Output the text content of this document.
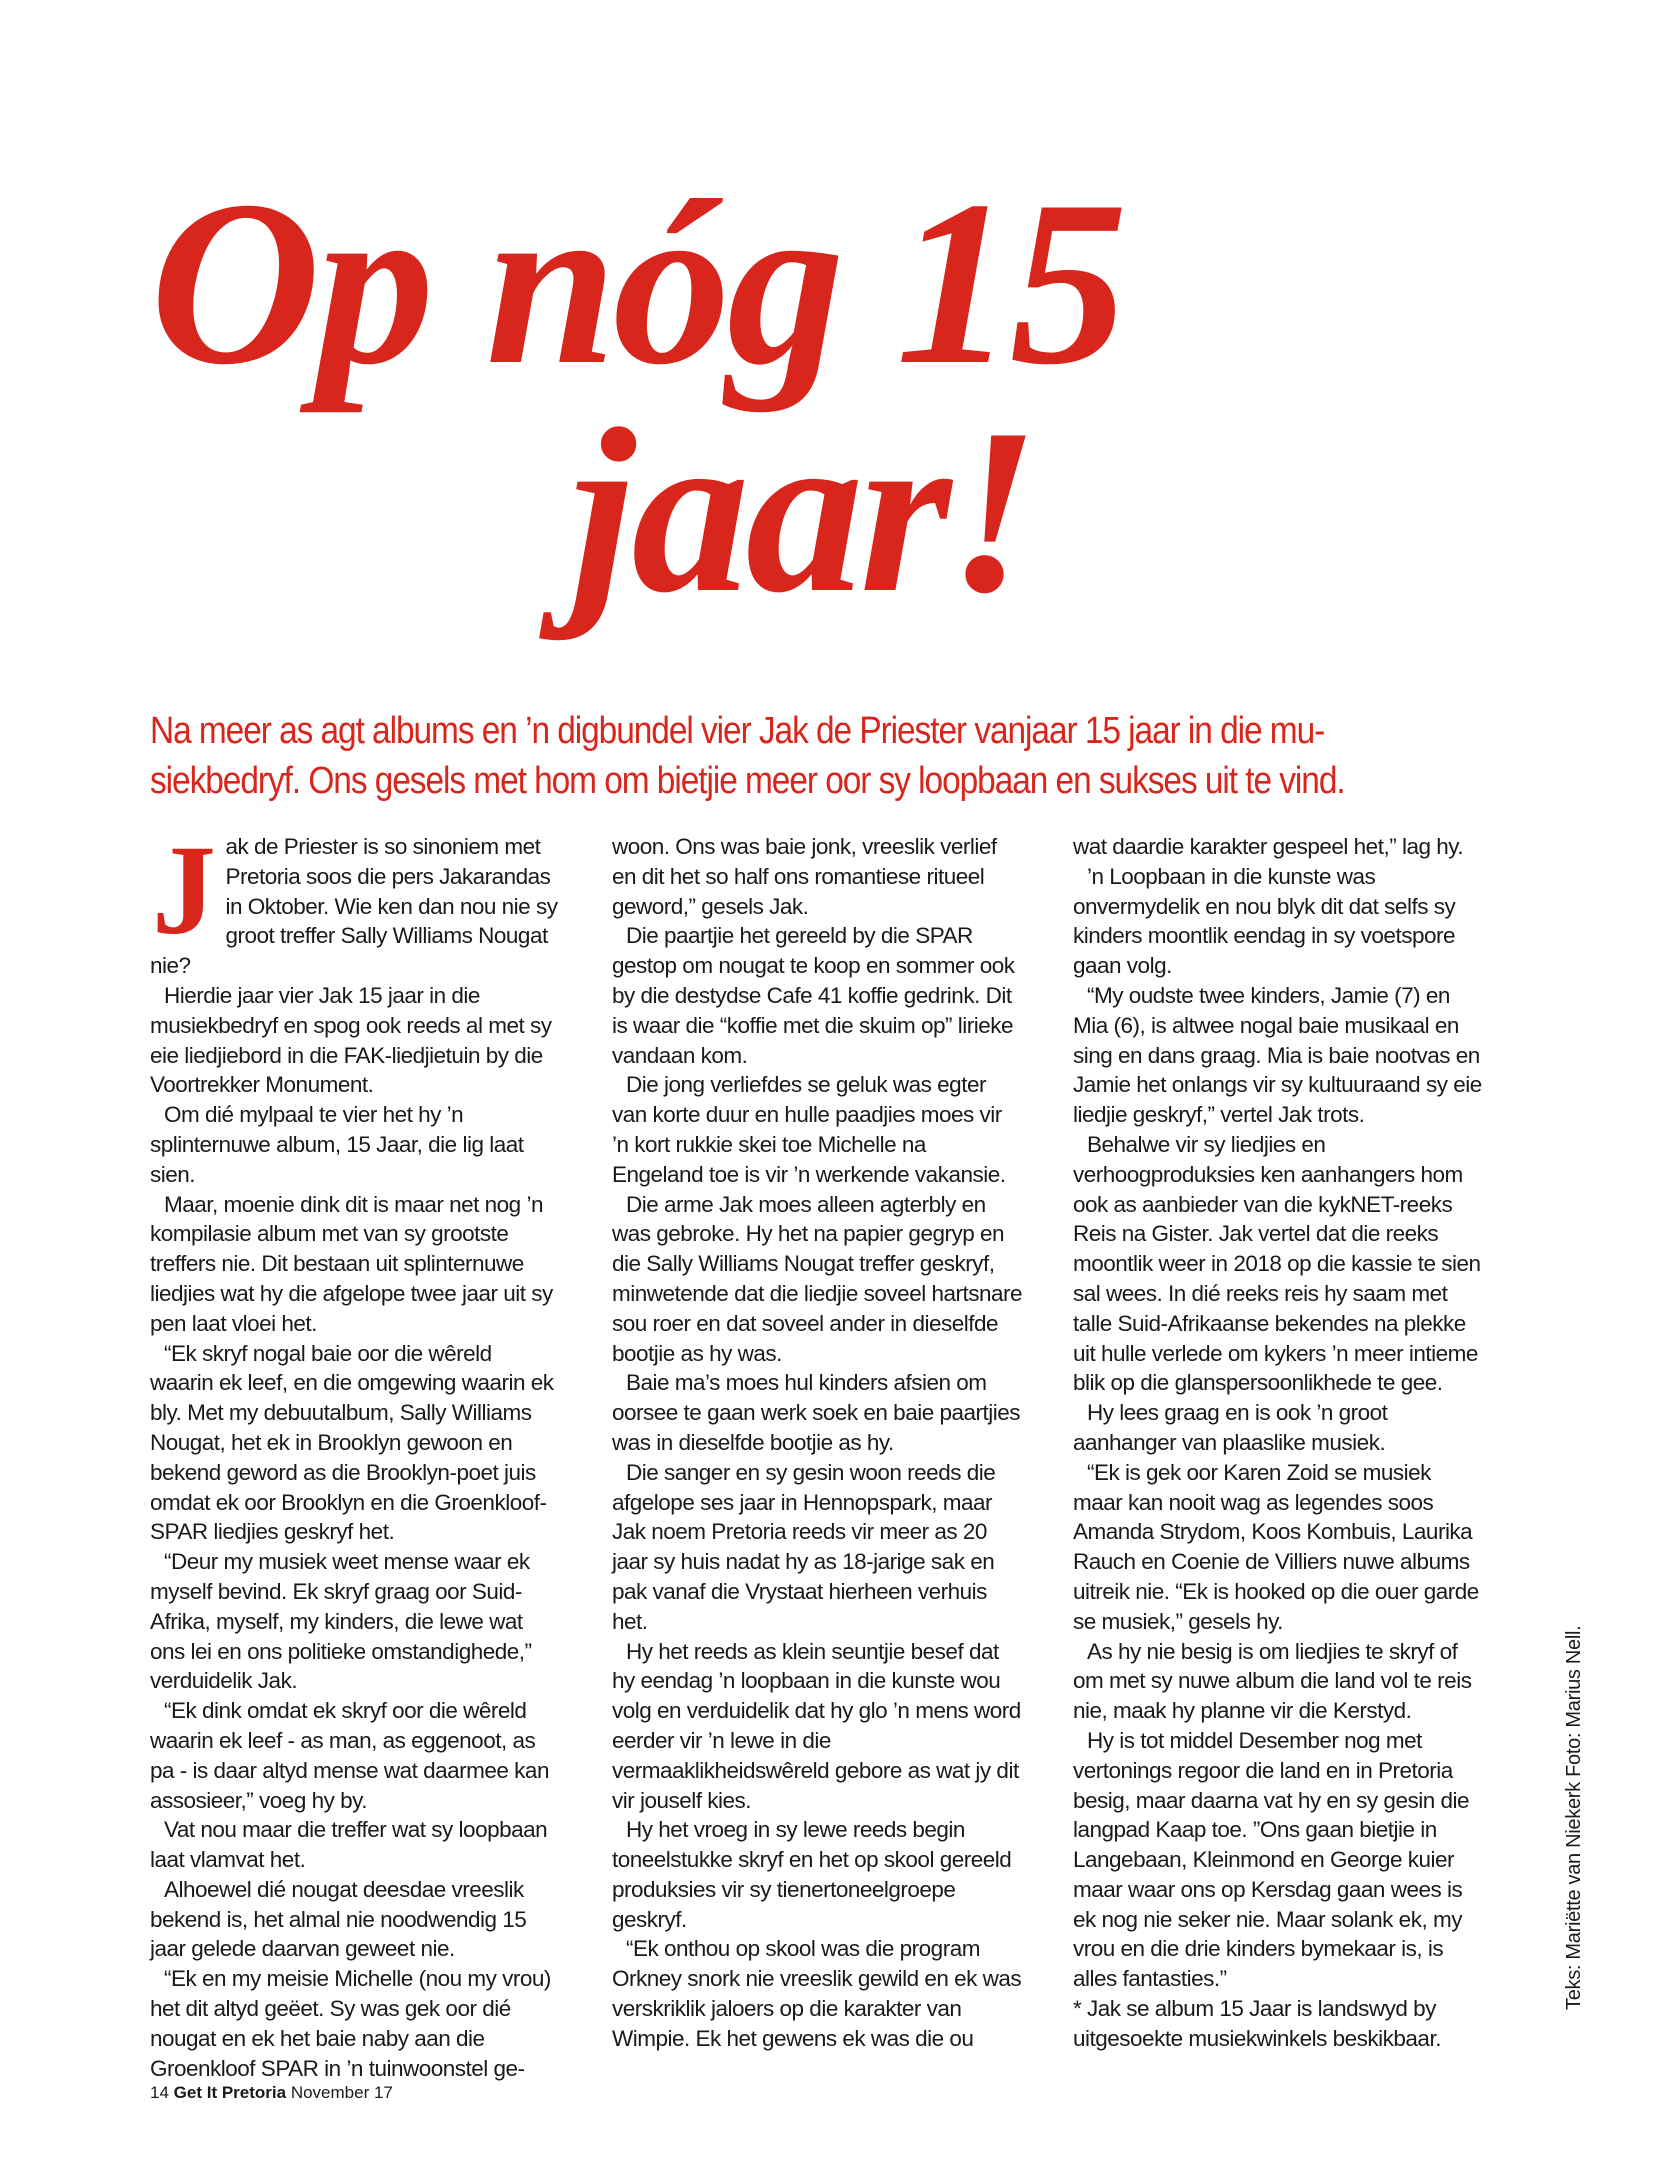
Op nóg 15
jaar!
Na meer as agt albums en ’n digbundel vier Jak de Priester vanjaar 15 jaar in die mu-
siekbedryf. Ons gesels met hom om bietjie meer oor sy loopbaan en sukses uit te vind.
J ak de Priester is so sinoniem met Pretoria soos die pers Jakarandas in Oktober. Wie ken dan nou nie sy groot treffer Sally Williams Nougat nie?

Hierdie jaar vier Jak 15 jaar in die musiekbedryf en spog ook reeds al met sy eie liedjiebord in die FAK-liedjietuin by die Voortrekker Monument.

Om dié mylpaal te vier het hy ’n splinternuwe album, 15 Jaar, die lig laat sien.

Maar, moenie dink dit is maar net nog ’n kompilasie album met van sy grootste treffers nie. Dit bestaan uit splinternuwe liedjies wat hy die afgelope twee jaar uit sy pen laat vloei het.

“Ek skryf nogal baie oor die wêreld waarin ek leef, en die omgewing waarin ek bly. Met my debuutalbum, Sally Williams Nougat, het ek in Brooklyn gewoon en bekend geword as die Brooklyn-poet juis omdat ek oor Brooklyn en die Groenkloof-SPAR liedjies geskryf het.

“Deur my musiek weet mense waar ek myself bevind. Ek skryf graag oor Suid-Afrika, myself, my kinders, die lewe wat ons lei en ons politieke omstandighede,” verduidelik Jak.

“Ek dink omdat ek skryf oor die wêreld waarin ek leef - as man, as eggenoot, as pa - is daar altyd mense wat daarmee kan assosieer,” voeg hy by.

Vat nou maar die treffer wat sy loopbaan laat vlamvat het.

Alhoewel dié nougat deesdae vreeslik bekend is, het almal nie noodwendig 15 jaar gelede daarvan geweet nie.

“Ek en my meisie Michelle (nou my vrou) het dit altyd geëet. Sy was gek oor dié nougat en ek het baie naby aan die Groenkloof SPAR in ’n tuinwoonstel ge-

woon. Ons was baie jonk, vreeslik verlief en dit het so half ons romantiese ritueel geword,” gesels Jak.

Die paartjie het gereeld by die SPAR gestop om nougat te koop en sommer ook by die destydse Cafe 41 koffie gedrink. Dit is waar die “koffie met die skuim op” lirieke vandaan kom.

Die jong verliefdes se geluk was egter van korte duur en hulle paadjies moes vir ’n kort rukkie skei toe Michelle na Engeland toe is vir ’n werkende vakansie.

Die arme Jak moes alleen agterbly en was gebroke. Hy het na papier gegryp en die Sally Williams Nougat treffer geskryf, minwetende dat die liedjie soveel hartsnare sou roer en dat soveel ander in dieselfde bootjie as hy was.

Baie ma’s moes hul kinders afsien om oorsee te gaan werk soek en baie paartjies was in dieselfde bootjie as hy.

Die sanger en sy gesin woon reeds die afgelope ses jaar in Hennopspark, maar Jak noem Pretoria reeds vir meer as 20 jaar sy huis nadat hy as 18-jarige sak en pak vanaf die Vrystaat hierheen verhuis het.

Hy het reeds as klein seuntjie besef dat hy eendag ’n loopbaan in die kunste wou volg en verduidelik dat hy glo ’n mens word eerder vir ’n lewe in die vermaaklikheidswêreld gebore as wat jy dit vir jouself kies.

Hy het vroeg in sy lewe reeds begin toneelstukke skryf en het op skool gereeld produksies vir sy tienertoneelgroepe geskryf.

“Ek onthou op skool was die program Orkney snork nie vreeslik gewild en ek was verskriklik jaloers op die karakter van Wimpie. Ek het gewens ek was die ou

wat daardie karakter gespeel het,” lag hy.

’n Loopbaan in die kunste was onvermydelik en nou blyk dit dat selfs sy kinders moontlik eendag in sy voetspore gaan volg.

“My oudste twee kinders, Jamie (7) en Mia (6), is altwee nogal baie musikaal en sing en dans graag. Mia is baie nootvas en Jamie het onlangs vir sy kultuuraand sy eie liedjie geskryf,” vertel Jak trots.

Behalwe vir sy liedjies en verhoogproduksies ken aanhangers hom ook as aanbieder van die kykNET-reeks Reis na Gister. Jak vertel dat die reeks moontlik weer in 2018 op die kassie te sien sal wees. In dié reeks reis hy saam met talle Suid-Afrikaanse bekendes na plekke uit hulle verlede om kykers ’n meer intieme blik op die glanspersoonlikhede te gee.

Hy lees graag en is ook ’n groot aanhanger van plaaslike musiek.

“Ek is gek oor Karen Zoid se musiek maar kan nooit wag as legendes soos Amanda Strydom, Koos Kombuis, Laurika Rauch en Coenie de Villiers nuwe albums uitreik nie. “Ek is hooked op die ouer garde se musiek,” gesels hy.

As hy nie besig is om liedjies te skryf of om met sy nuwe album die land vol te reis nie, maak hy planne vir die Kerstyd.

Hy is tot middel Desember nog met vertonings regoor die land en in Pretoria besig, maar daarna vat hy en sy gesin die langpad Kaap toe. ”Ons gaan bietjie in Langebaan, Kleinmond en George kuier maar waar ons op Kersdag gaan wees is ek nog nie seker nie. Maar solank ek, my vrou en die drie kinders bymekaar is, is alles fantasties.”

* Jak se album 15 Jaar is landswyd by uitgesoekte musiekwinkels beskikbaar.

Teks: Mariëtte van Niekerk Foto: Marius Nell.
14 Get It Pretoria November 17
